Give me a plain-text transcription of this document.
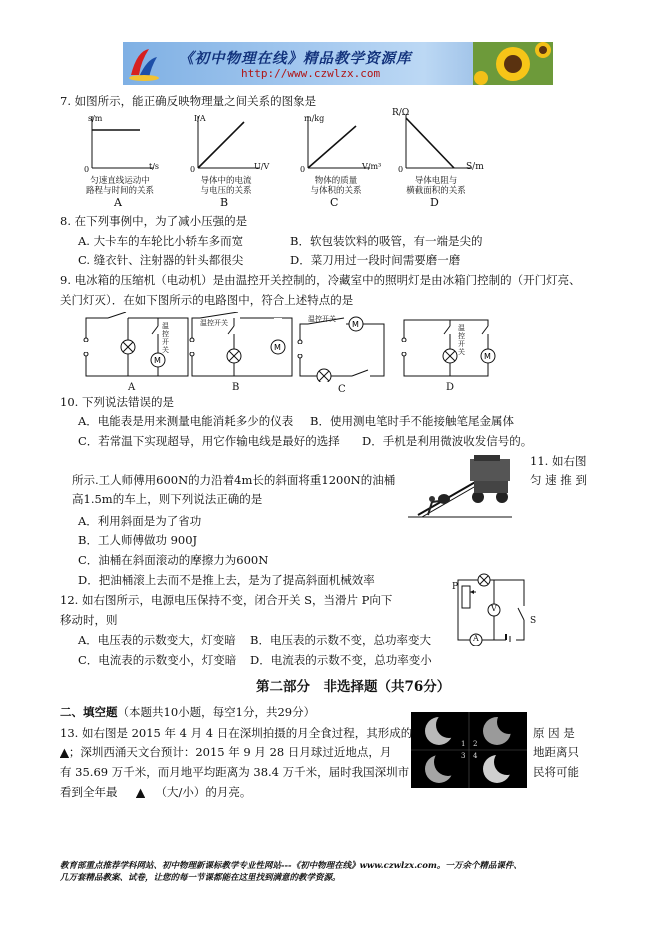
《初中物理在线》精品教学资源库
http://www.czwlzx.com
7. 如图所示，能正确反映物理量之间关系的图象是
s/m
t/s
0
匀速直线运动中
路程与时间的关系
A
I/A
U/V
0
导体中的电流
与电压的关系
B
m/kg
V/m³
0
物体的质量
与体积的关系
C
R/Ω
S/m
0
导体电阻与
横截面积的关系
D
8. 在下列事例中，为了减小压强的是
A. 大卡车的车轮比小轿车多而宽	B．软包装饮料的吸管，有一端是尖的
C. 缝衣针、注射器的针头都很尖	D．菜刀用过一段时间需要磨一磨
9. 电冰箱的压缩机（电动机）是由温控开关控制的，冷藏室中的照明灯是由冰箱门控制的（开门灯亮、
关门灯灭）．在如下图所示的电路图中，符合上述特点的是
M
温控开关
A
M
温控开关
B
M
温控开关
C
M
温控开关
D
10. 下列说法错误的是
A．电能表是用来测量电能消耗多少的仪表 B．使用测电笔时手不能接触笔尾金属体
C．若常温下实现超导，用它作输电线是最好的选择 D．手机是利用微波收发信号的。
11. 如右图
匀 速 推 到
所示.工人师傅用600N的力沿着4m长的斜面将重1200N的油桶
高1.5m的车上，则下列说法正确的是
A．利用斜面是为了省功
B．工人师傅做功 900J
C．油桶在斜面滚动的摩擦力为600N
D．把油桶滚上去而不是推上去，是为了提高斜面机械效率	P
V
A
S
12. 如右图所示，电源电压保持不变，闭合开关 S，当滑片 P向下
移动时，则
A．电压表的示数变大，灯变暗 B．电压表的示数不变，总功率变大
C．电流表的示数变小，灯变暗 D．电流表的示数不变，总功率变小
第二部分　非选择题（共76分）
二、填空题（本题共10小题，每空1分，共29分）
1 2
3 4
13. 如右图是 2015 年 4 月 4 日在深圳拍摄的月全食过程，其形成的	原 因 是
▲；深圳西涌天文台预计：2015 年 9 月 28 日月球过近地点，月	地距离只
有 35.69 万千米，而月地平均距离为 38.4 万千米，届时我国深圳市	民将可能
看到全年最 ▲ （大/小）的月亮。
教育部重点推荐学科网站、初中物理新课标教学专业性网站---《初中物理在线》www.czwlzx.com。一万余个精品课件、
几万套精品教案、试卷，让您的每一节课都能在这里找到满意的教学资源。
